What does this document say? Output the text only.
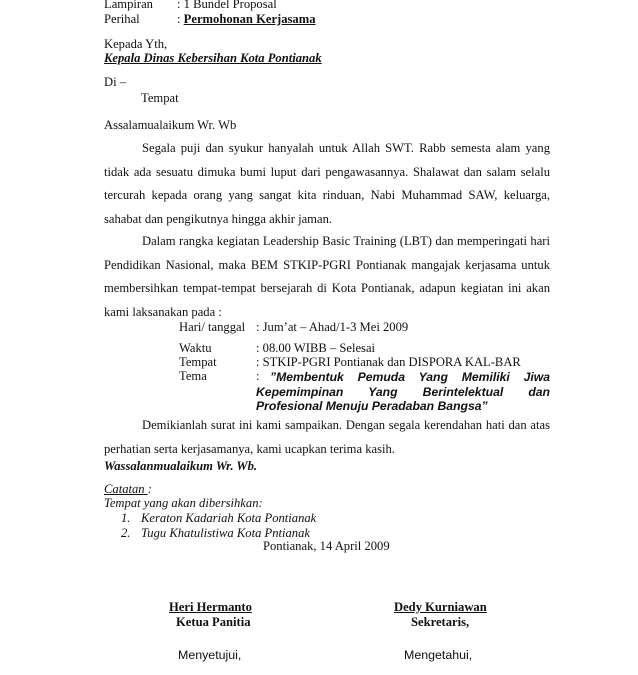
Lampiran : 1 Bundel Proposal
Perihal	: Permohonan Kerjasama
Kepada Yth,
Kepala Dinas Kebersihan Kota Pontianak
Di –
Tempat
Assalamualaikum Wr. Wb
Segala puji dan syukur hanyalah untuk Allah SWT. Rabb semesta alam yang tidak ada sesuatu dimuka bumi luput dari pengawasannya. Shalawat dan salam selalu tercurah kepada orang yang sangat kita rinduan, Nabi Muhammad SAW, keluarga, sahabat dan pengikutnya hingga akhir jaman.
Dalam rangka kegiatan Leadership Basic Training (LBT) dan memperingati hari Pendidikan Nasional, maka BEM STKIP-PGRI Pontianak mangajak kerjasama untuk membersihkan tempat-tempat bersejarah di Kota Pontianak, adapun kegiatan ini akan kami laksanakan pada :
Hari/ tanggal : Jum’at – Ahad/1-3 Mei 2009
Waktu	: 08.00 WIBB – Selesai
Tempat	: STKIP-PGRI Pontianak dan DISPORA KAL-BAR
Tema	: ”Membentuk Pemuda Yang Memiliki Jiwa Kepemimpinan Yang Berintelektual dan Profesional Menuju Peradaban Bangsa”
Demikianlah surat ini kami sampaikan. Dengan segala kerendahan hati dan atas perhatian serta kerjasamanya, kami ucapkan terima kasih.
Wassalanmualaikum Wr. Wb.
Catatan :
Tempat yang akan dibersihkan:
1. Keraton Kadariah Kota Pontianak
2. Tugu Khatulistiwa Kota Pntianak
Pontianak, 14 April 2009
Heri Hermanto
Ketua Panitia
Dedy Kurniawan
Sekretaris,
Menyetujui,	Mengetahui,
